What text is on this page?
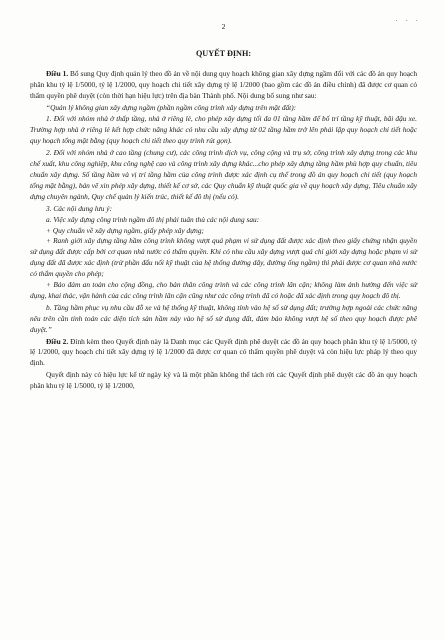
· · ·
2
QUYẾT ĐỊNH:

Điều 1. Bổ sung Quy định quản lý theo đồ án về nội dung quy hoạch không gian xây dựng ngầm đối với các đồ án quy hoạch phân khu tỷ lệ 1/5000, tỷ lệ 1/2000, quy hoạch chi tiết xây dựng tỷ lệ 1/2000 (bao gồm các đồ án điều chỉnh) đã được cơ quan có thẩm quyền phê duyệt (còn thời hạn hiệu lực) trên địa bàn Thành phố. Nội dung bổ sung như sau:

“Quản lý không gian xây dựng ngầm (phần ngầm công trình xây dựng trên mặt đất):

1. Đối với nhóm nhà ở thấp tầng, nhà ở riêng lẻ, cho phép xây dựng tối đa 01 tầng hầm để bố trí tầng kỹ thuật, bãi đậu xe. Trường hợp nhà ở riêng lẻ kết hợp chức năng khác có nhu cầu xây dựng từ 02 tầng hầm trở lên phải lập quy hoạch chi tiết hoặc quy hoạch tổng mặt bằng (quy hoạch chi tiết theo quy trình rút gọn).

2. Đối với nhóm nhà ở cao tầng (chung cư), các công trình dịch vụ, công cộng và trụ sở, công trình xây dựng trong các khu chế xuất, khu công nghiệp, khu công nghệ cao và công trình xây dựng khác...cho phép xây dựng tầng hầm phù hợp quy chuẩn, tiêu chuẩn xây dựng. Số tầng hầm và vị trí tầng hầm của công trình được xác định cụ thể trong đồ án quy hoạch chi tiết (quy hoạch tổng mặt bằng), bản vẽ xin phép xây dựng, thiết kế cơ sở, các Quy chuẩn kỹ thuật quốc gia về quy hoạch xây dựng, Tiêu chuẩn xây dựng chuyên ngành, Quy chế quản lý kiến trúc, thiết kế đô thị (nếu có).

3. Các nội dung lưu ý:

a. Việc xây dựng công trình ngầm đô thị phải tuân thủ các nội dung sau:

+ Quy chuẩn về xây dựng ngầm, giấy phép xây dựng;

+ Ranh giới xây dựng tầng hầm công trình không vượt quá phạm vi sử dụng đất được xác định theo giấy chứng nhận quyền sử dụng đất được cấp bởi cơ quan nhà nước có thẩm quyền. Khi có nhu cầu xây dựng vượt quá chỉ giới xây dựng hoặc phạm vi sử dụng đất đã được xác định (trừ phần đấu nối kỹ thuật của hệ thống đường dây, đường ống ngầm) thì phải được cơ quan nhà nước có thẩm quyền cho phép;

+ Bảo đảm an toàn cho cộng đồng, cho bản thân công trình và các công trình lân cận; không làm ảnh hưởng đến việc sử dụng, khai thác, vận hành của các công trình lân cận cũng như các công trình đã có hoặc đã xác định trong quy hoạch đô thị.

b. Tầng hầm phục vụ nhu cầu đỗ xe và hệ thống kỹ thuật, không tính vào hệ số sử dụng đất; trường hợp ngoài các chức năng nêu trên cần tính toán các diện tích sàn hầm này vào hệ số sử dụng đất, đảm bảo không vượt hệ số theo quy hoạch được phê duyệt.”

Điều 2. Đính kèm theo Quyết định này là Danh mục các Quyết định phê duyệt các đồ án quy hoạch phân khu tỷ lệ 1/5000, tỷ lệ 1/2000, quy hoạch chi tiết xây dựng tỷ lệ 1/2000 đã được cơ quan có thẩm quyền phê duyệt và còn hiệu lực pháp lý theo quy định.

Quyết định này có hiệu lực kể từ ngày ký và là một phần không thể tách rời các Quyết định phê duyệt các đồ án quy hoạch phân khu tỷ lệ 1/5000, tỷ lệ 1/2000,
